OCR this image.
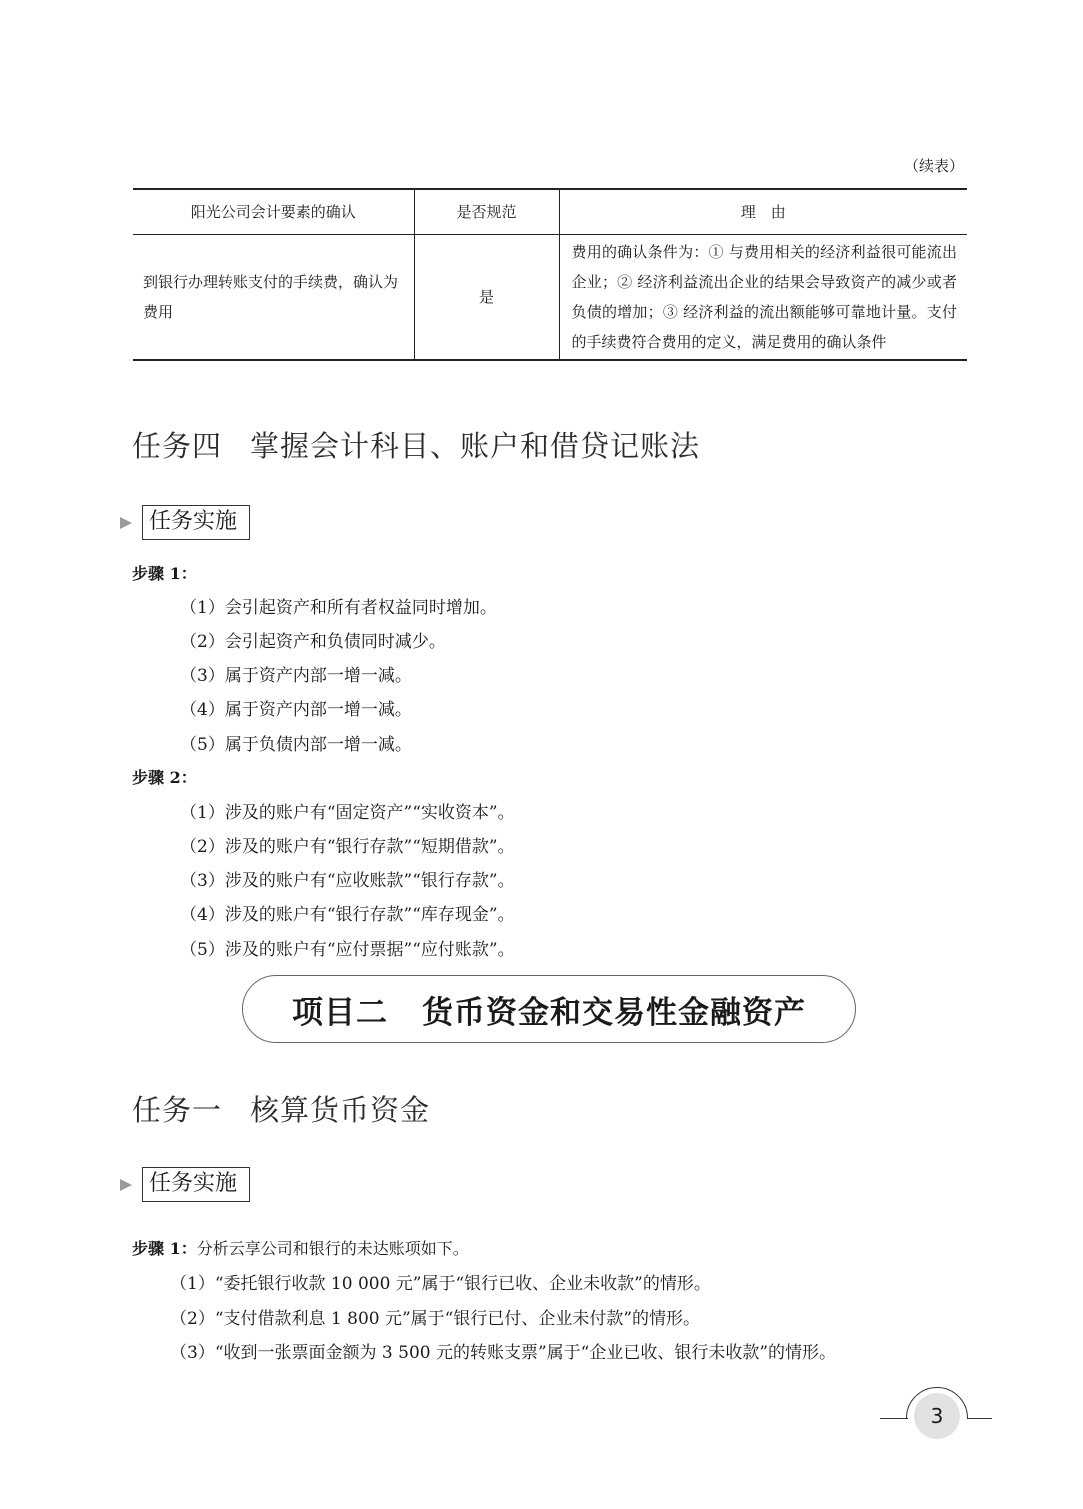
（续表）
阳光公司会计要素的确认	是否规范	理　由
到银行办理转账支付的手续费，确认为费用	是	费用的确认条件为：① 与费用相关的经济利益很可能流出企业；② 经济利益流出企业的结果会导致资产的减少或者负债的增加；③ 经济利益的流出额能够可靠地计量。支付的手续费符合费用的定义，满足费用的确认条件
任务四 掌握会计科目、账户和借贷记账法
任务实施
步骤 1：
（1）会引起资产和所有者权益同时增加。
（2）会引起资产和负债同时减少。
（3）属于资产内部一增一减。
（4）属于资产内部一增一减。
（5）属于负债内部一增一减。
步骤 2：
（1）涉及的账户有“固定资产”“实收资本”。
（2）涉及的账户有“银行存款”“短期借款”。
（3）涉及的账户有“应收账款”“银行存款”。
（4）涉及的账户有“银行存款”“库存现金”。
（5）涉及的账户有“应付票据”“应付账款”。
项目二 货币资金和交易性金融资产
任务一 核算货币资金
任务实施
步骤 1：分析云享公司和银行的未达账项如下。
（1）“委托银行收款 10 000 元”属于“银行已收、企业未收款”的情形。
（2）“支付借款利息 1 800 元”属于“银行已付、企业未付款”的情形。
（3）“收到一张票面金额为 3 500 元的转账支票”属于“企业已收、银行未收款”的情形。
3
